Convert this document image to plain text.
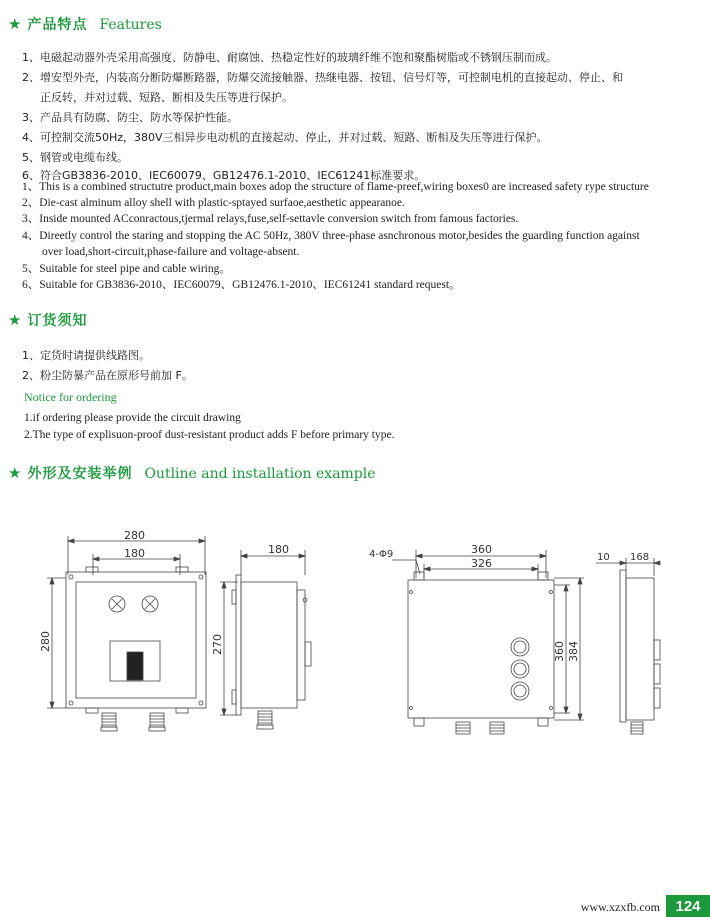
★ 产品特点 Features
1、电磁起动器外壳采用高强度、防静电、耐腐蚀、热稳定性好的玻璃纤维不饱和聚酯树脂或不锈钢压制而成。
2、增安型外壳，内装高分断防爆断路器，防爆交流接触器、热继电器、按钮、信号灯等，可控制电机的直接起动、停止、和
正反转，并对过载、短路、断相及失压等进行保护。
3、产品具有防腐、防尘、防水等保护性能。
4、可控制交流50Hz，380V三相异步电动机的直接起动、停止，并对过载、短路、断相及失压等进行保护。
5、钢管或电缆布线。
6、符合GB3836-2010、IEC60079、GB12476.1-2010、IEC61241标准要求。
1、This is a combined structutre product,main boxes adop the structure of flame-preef,wiring boxes0 are increased safety rype structure
2、Die-cast alminum alloy shell with plastic-sptayed surfaoe,aesthetic appearanoe.
3、Inside mounted ACconractous,tjermal relays,fuse,self-settavle conversion switch from famous factories.
4、Direetly control the staring and stopping the AC 50Hz, 380V three-phase asnchronous motor,besides the guarding function against
over load,short-circuit,phase-failure and voltage-absent.
5、Suitable for steel pipe and cable wiring。
6、Suitable for GB3836-2010、IEC60079、GB12476.1-2010、IEC61241 standard request。
★ 订货须知
1、定货时请提供线路图。
2、粉尘防暴产品在原形号前加 F。
Notice for ordering
1.if ordering please provide the circuit drawing
2.The type of explisuon-proof dust-resistant product adds F before primary type.
★ 外形及安装举例 Outline and installation example
280
180
280
180
270
4-Φ9	360
326
360 384
10 168
www.xzxfb.com	124
